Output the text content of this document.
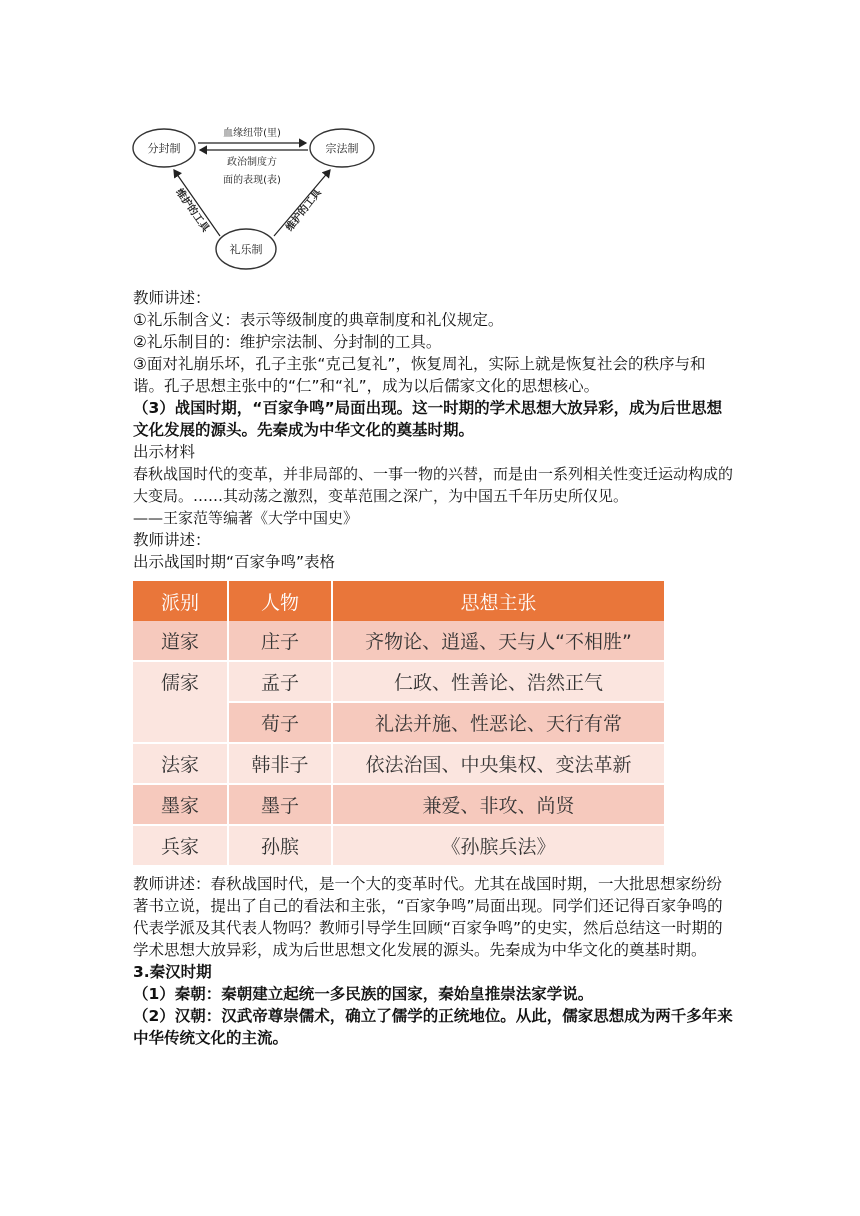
分封制	宗法制
礼乐制
血缘纽带(里)
政治制度方
面的表现(表)
维护的工具	维护的工具
教师讲述：
①礼乐制含义：表示等级制度的典章制度和礼仪规定。
②礼乐制目的：维护宗法制、分封制的工具。
③面对礼崩乐坏，孔子主张“克己复礼”，恢复周礼，实际上就是恢复社会的秩序与和谐。孔子思想主张中的“仁”和“礼”，成为以后儒家文化的思想核心。
（3）战国时期，“百家争鸣”局面出现。这一时期的学术思想大放异彩，成为后世思想文化发展的源头。先秦成为中华文化的奠基时期。
出示材料
春秋战国时代的变革，并非局部的、一事一物的兴替，而是由一系列相关性变迁运动构成的大变局。……其动荡之激烈，变革范围之深广，为中国五千年历史所仅见。
——王家范等编著《大学中国史》
教师讲述：
出示战国时期“百家争鸣”表格
派别	人物	思想主张
道家	庄子	齐物论、逍遥、天与人“不相胜”
儒家	孟子	仁政、性善论、浩然正气
	荀子	礼法并施、性恶论、天行有常
法家	韩非子	依法治国、中央集权、变法革新
墨家	墨子	兼爱、非攻、尚贤
兵家	孙膑	《孙膑兵法》
教师讲述：春秋战国时代，是一个大的变革时代。尤其在战国时期，一大批思想家纷纷著书立说，提出了自己的看法和主张，“百家争鸣”局面出现。同学们还记得百家争鸣的代表学派及其代表人物吗？教师引导学生回顾“百家争鸣”的史实，然后总结这一时期的学术思想大放异彩，成为后世思想文化发展的源头。先秦成为中华文化的奠基时期。
3.秦汉时期
（1）秦朝：秦朝建立起统一多民族的国家，秦始皇推崇法家学说。
（2）汉朝：汉武帝尊崇儒术，确立了儒学的正统地位。从此，儒家思想成为两千多年来中华传统文化的主流。
